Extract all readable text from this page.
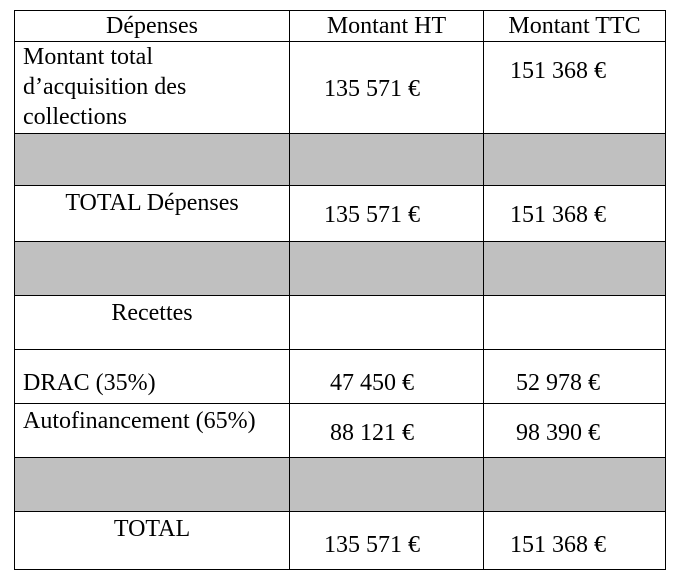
Dépenses	Montant HT	Montant TTC

Montant total
d’acquisition des
collections	135 571 €	151 368 €

TOTAL Dépenses	135 571 €	151 368 €

Recettes		
DRAC (35%)	47 450 €	52 978 €
Autofinancement (65%)	88 121 €	98 390 €

TOTAL	135 571 €	151 368 €
